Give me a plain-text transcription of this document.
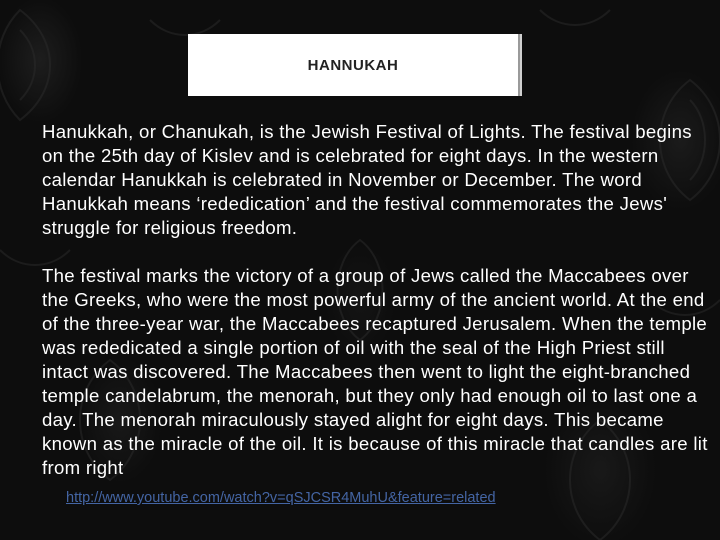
HANNUKAH

Hanukkah, or Chanukah, is the Jewish Festival of Lights. The festival begins on the 25th day of Kislev and is celebrated for eight days. In the western calendar Hanukkah is celebrated in November or December. The word Hanukkah means ‘rededication’ and the festival commemorates the Jews' struggle for religious freedom.

The festival marks the victory of a group of Jews called the Maccabees over the Greeks, who were the most powerful army of the ancient world. At the end of the three-year war, the Maccabees recaptured Jerusalem. When the temple was rededicated a single portion of oil with the seal of the High Priest still intact was discovered. The Maccabees then went to light the eight-branched temple candelabrum, the menorah, but they only had enough oil to last one a day. The menorah miraculously stayed alight for eight days. This became known as the miracle of the oil. It is because of this miracle that candles are lit from right

http://www.youtube.com/watch?v=qSJCSR4MuhU&feature=related
